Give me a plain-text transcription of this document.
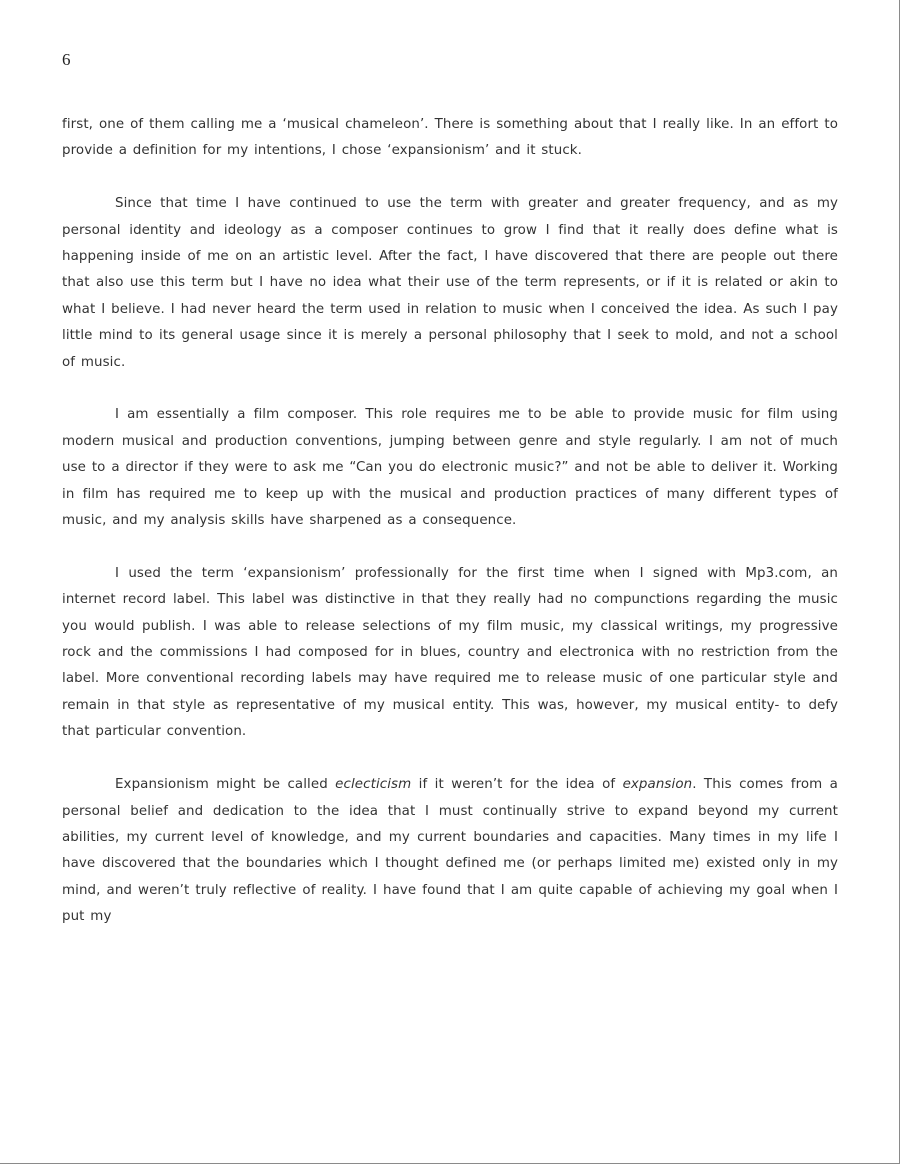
6

first, one of them calling me a ‘musical chameleon’. There is something about that I really like. In an effort to provide a definition for my intentions, I chose ‘expansionism’ and it stuck.

Since that time I have continued to use the term with greater and greater frequency, and as my personal identity and ideology as a composer continues to grow I find that it really does define what is happening inside of me on an artistic level. After the fact, I have discovered that there are people out there that also use this term but I have no idea what their use of the term represents, or if it is related or akin to what I believe. I had never heard the term used in relation to music when I conceived the idea. As such I pay little mind to its general usage since it is merely a personal philosophy that I seek to mold, and not a school of music.

I am essentially a film composer. This role requires me to be able to provide music for film using modern musical and production conventions, jumping between genre and style regularly. I am not of much use to a director if they were to ask me “Can you do electronic music?” and not be able to deliver it. Working in film has required me to keep up with the musical and production practices of many different types of music, and my analysis skills have sharpened as a consequence.

I used the term ‘expansionism’ professionally for the first time when I signed with Mp3.com, an internet record label. This label was distinctive in that they really had no compunctions regarding the music you would publish. I was able to release selections of my film music, my classical writings, my progressive rock and the commissions I had composed for in blues, country and electronica with no restriction from the label. More conventional recording labels may have required me to release music of one particular style and remain in that style as representative of my musical entity. This was, however, my musical entity- to defy that particular convention.

Expansionism might be called eclecticism if it weren’t for the idea of expansion. This comes from a personal belief and dedication to the idea that I must continually strive to expand beyond my current abilities, my current level of knowledge, and my current boundaries and capacities. Many times in my life I have discovered that the boundaries which I thought defined me (or perhaps limited me) existed only in my mind, and weren’t truly reflective of reality. I have found that I am quite capable of achieving my goal when I put my
